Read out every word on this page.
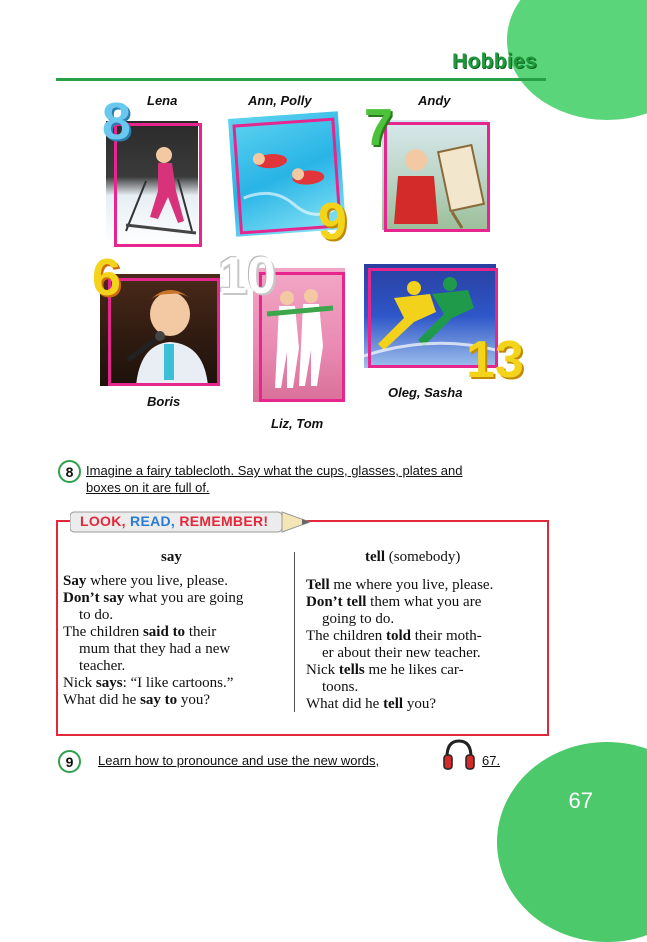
Hobbies
Lena
8	Ann, Polly
9
Andy
7
6
Boris
10
Liz, Tom
13
Oleg, Sasha
8 Imagine a fairy tablecloth. Say what the cups, glasses, plates and
boxes on it are full of.
LOOK, READ, REMEMBER!
say

Say where you live, please.

Don’t say what you are going

to do.

The children said to their

mum that they had a new

teacher.

Nick says: “I like cartoons.”

What did he say to you?

tell (somebody)

Tell me where you live, please.

Don’t tell them what you are

going to do.

The children told their moth-

er about their new teacher.

Nick tells me he likes car-

toons.

What did he tell you?

9	Learn how to pronounce and use the new words,	67.
67
